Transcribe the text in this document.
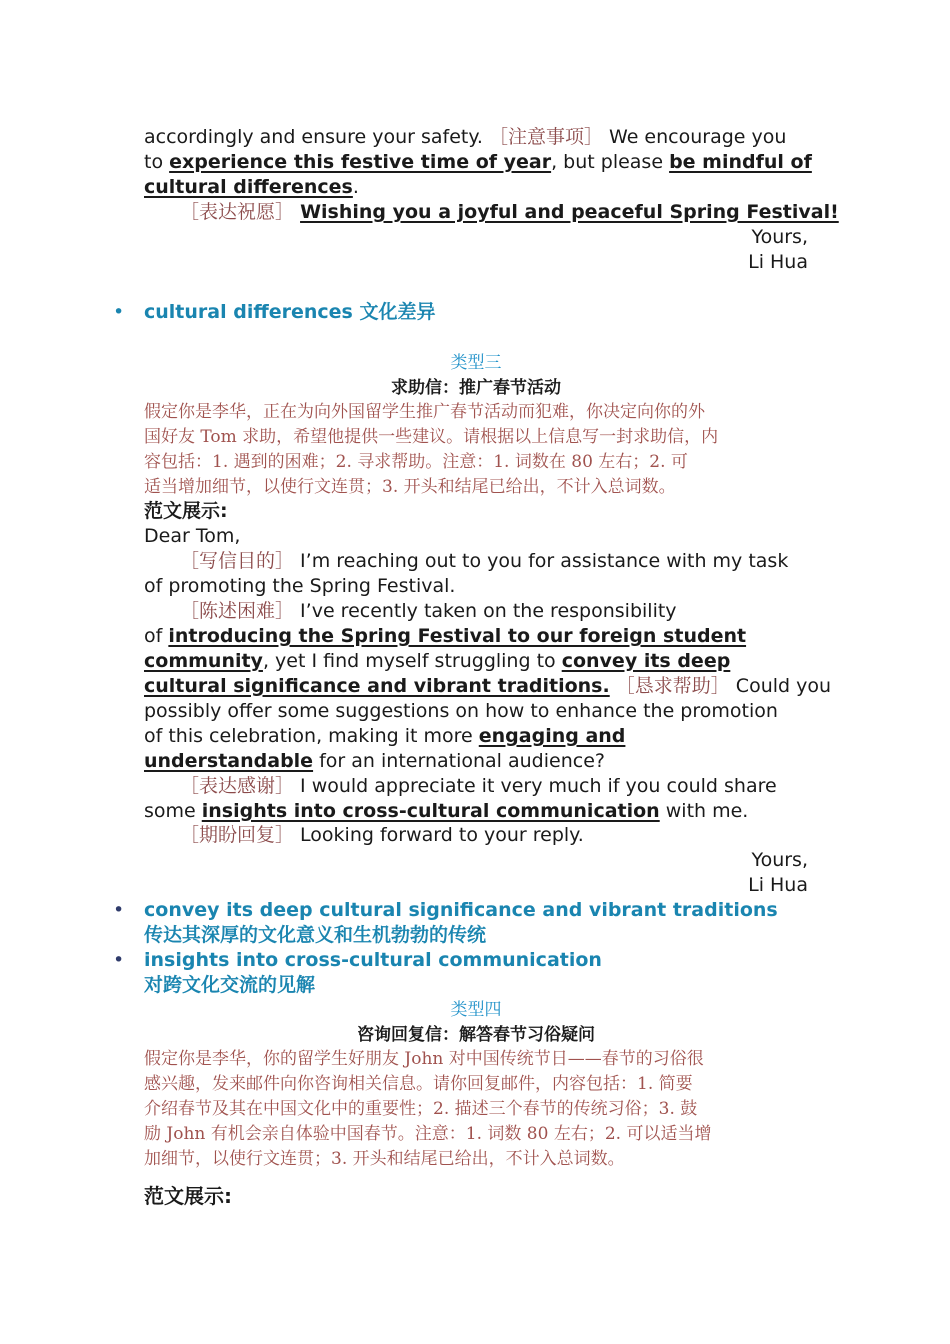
accordingly and ensure your safety. ［注意事项］ We encourage you
to experience this festive time of year, but please be mindful of
cultural differences.
［表达祝愿］ Wishing you a joyful and peaceful Spring Festival!
Yours,
Li Hua
• cultural differences 文化差异
类型三
求助信：推广春节活动
假定你是李华，正在为向外国留学生推广春节活动而犯难，你决定向你的外
国好友 Tom 求助，希望他提供一些建议。请根据以上信息写一封求助信，内
容包括：1. 遇到的困难；2. 寻求帮助。注意：1. 词数在 80 左右；2. 可
适当增加细节，以使行文连贯；3. 开头和结尾已给出，不计入总词数。
范文展示:
Dear Tom,
［写信目的］ I’m reaching out to you for assistance with my task
of promoting the Spring Festival.
［陈述困难］ I’ve recently taken on the responsibility
of introducing the Spring Festival to our foreign student
community, yet I find myself struggling to convey its deep
cultural significance and vibrant traditions. ［恳求帮助］ Could you
possibly offer some suggestions on how to enhance the promotion
of this celebration, making it more engaging and
understandable for an international audience?
［表达感谢］ I would appreciate it very much if you could share
some insights into cross-cultural communication with me.
［期盼回复］ Looking forward to your reply.
Yours,
Li Hua
• convey its deep cultural significance and vibrant traditions
传达其深厚的文化意义和生机勃勃的传统
• insights into cross-cultural communication
对跨文化交流的见解
类型四
咨询回复信：解答春节习俗疑问
假定你是李华，你的留学生好朋友 John 对中国传统节日——春节的习俗很
感兴趣，发来邮件向你咨询相关信息。请你回复邮件，内容包括：1. 简要
介绍春节及其在中国文化中的重要性；2. 描述三个春节的传统习俗；3. 鼓
励 John 有机会亲自体验中国春节。注意：1. 词数 80 左右；2. 可以适当增
加细节，以使行文连贯；3. 开头和结尾已给出，不计入总词数。
范文展示:
